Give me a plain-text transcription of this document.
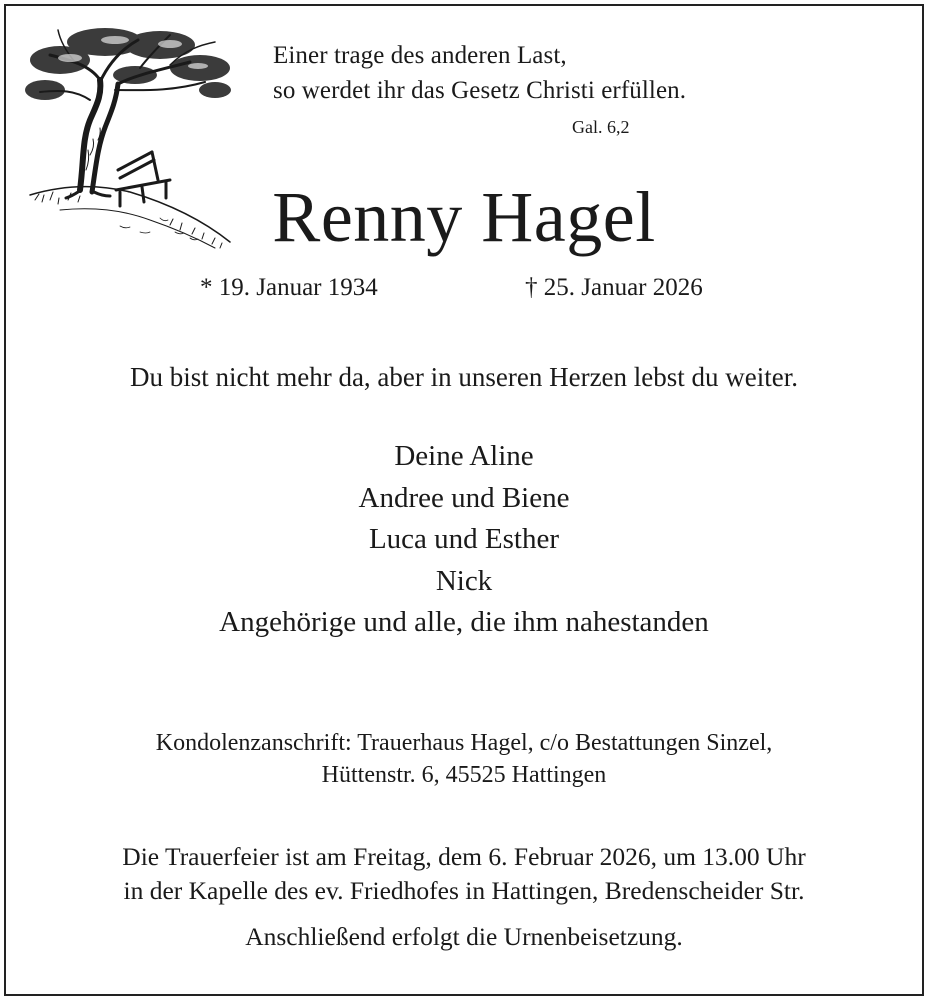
Einer trage des anderen Last,
so werdet ihr das Gesetz Christi erfüllen.
Gal. 6,2
Renny Hagel
* 19. Januar 1934	† 25. Januar 2026
Du bist nicht mehr da, aber in unseren Herzen lebst du weiter.
Deine Aline
Andree und Biene
Luca und Esther
Nick
Angehörige und alle, die ihm nahestanden
Kondolenzanschrift: Trauerhaus Hagel, c/o Bestattungen Sinzel,
Hüttenstr. 6, 45525 Hattingen
Die Trauerfeier ist am Freitag, dem 6. Februar 2026, um 13.00 Uhr
in der Kapelle des ev. Friedhofes in Hattingen, Bredenscheider Str.
Anschließend erfolgt die Urnenbeisetzung.
